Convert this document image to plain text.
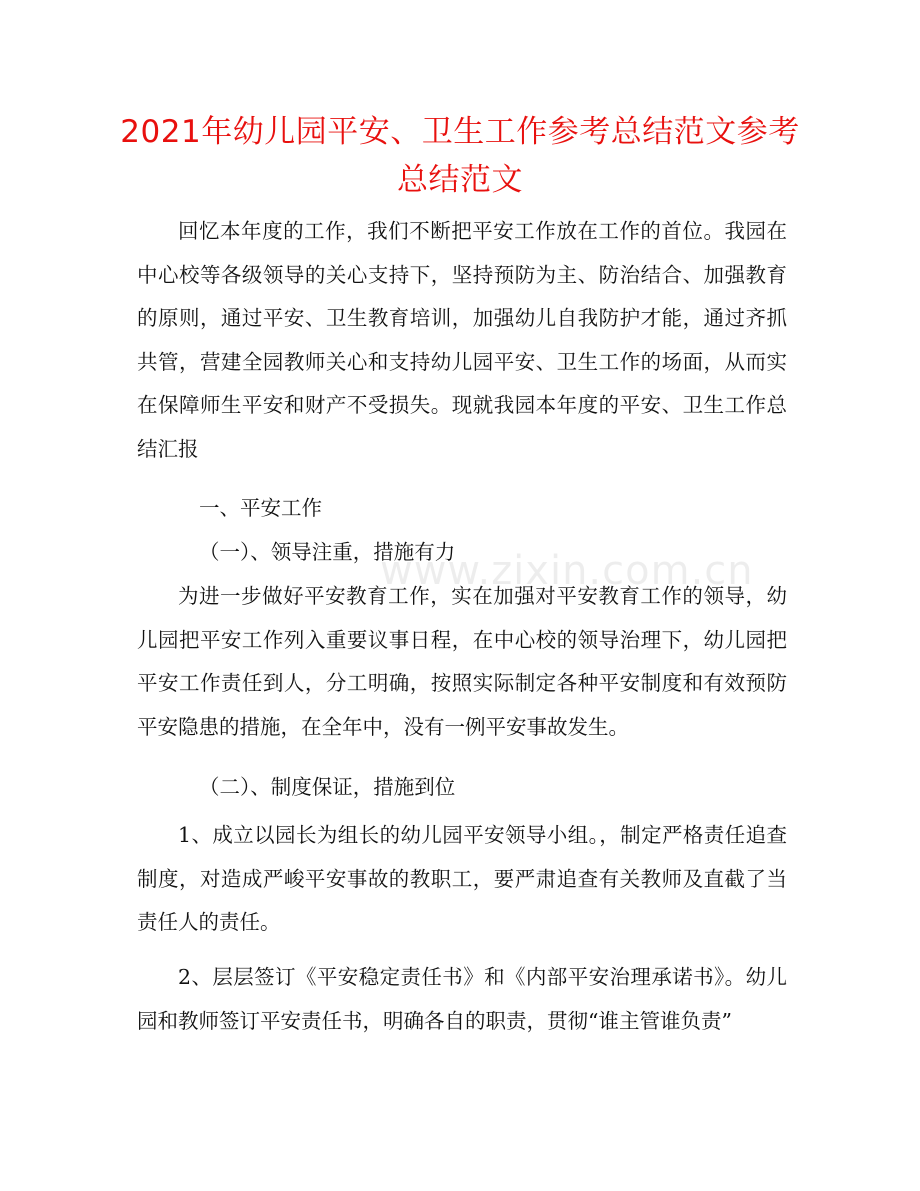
2021年幼儿园平安、卫生工作参考总结范文参考总结范文

回忆本年度的工作，我们不断把平安工作放在工作的首位。我园在中心校等各级领导的关心支持下，坚持预防为主、防治结合、加强教育的原则，通过平安、卫生教育培训，加强幼儿自我防护才能，通过齐抓共管，营建全园教师关心和支持幼儿园平安、卫生工作的场面，从而实在保障师生平安和财产不受损失。现就我园本年度的平安、卫生工作总结汇报

一、平安工作

（一）、领导注重，措施有力

为进一步做好平安教育工作，实在加强对平安教育工作的领导，幼儿园把平安工作列入重要议事日程，在中心校的领导治理下，幼儿园把平安工作责任到人，分工明确，按照实际制定各种平安制度和有效预防平安隐患的措施，在全年中，没有一例平安事故发生。

（二）、制度保证，措施到位

1、成立以园长为组长的幼儿园平安领导小组。，制定严格责任追查制度，对造成严峻平安事故的教职工，要严肃追查有关教师及直截了当责任人的责任。

2、层层签订《平安稳定责任书》和《内部平安治理承诺书》。幼儿园和教师签订平安责任书，明确各自的职责，贯彻“谁主管谁负责”

www.zixin.com.cn
